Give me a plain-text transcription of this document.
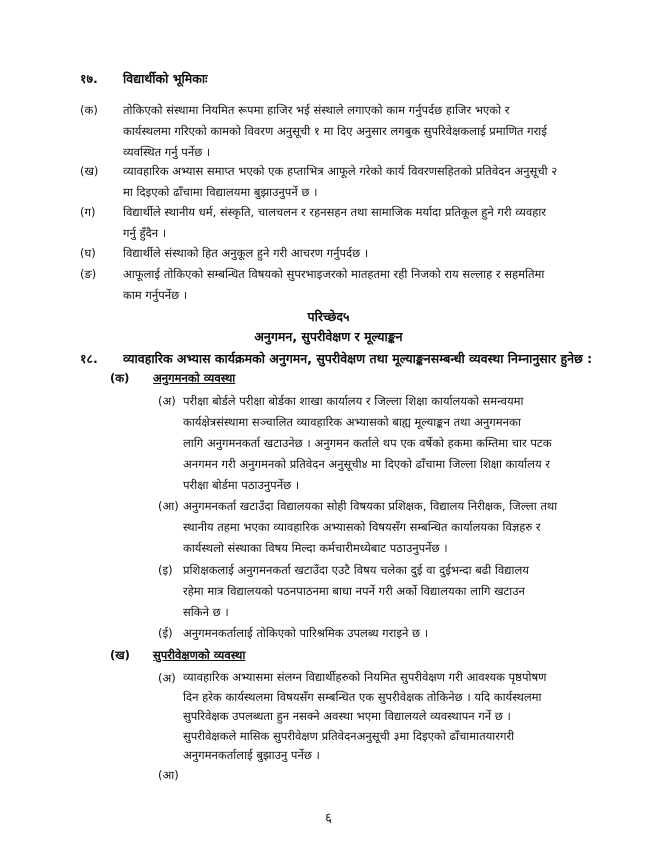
१७. विद्यार्थीको भूमिकाः
(क) तोकिएको संस्थामा नियमित रूपमा हाजिर भई संस्थाले लगाएको काम गर्नुपर्दछ हाजिर भएको र
कार्यस्थलमा गरिएको कामको विवरण अनुसूची १ मा दिए अनुसार लगबुक सुपरिवेक्षकलाई प्रमाणित गराई
व्यवस्थित गर्नु पर्नेछ ।
(ख) व्यावहारिक अभ्यास समाप्त भएको एक हप्ताभित्र आफूले गरेको कार्य विवरणसहितको प्रतिवेदन अनुसूची २
मा दिइएको ढाँचामा विद्यालयमा बुझाउनुपर्ने छ ।
(ग) विद्यार्थीले स्थानीय धर्म, संस्कृति, चालचलन र रहनसहन तथा सामाजिक मर्यादा प्रतिकूल हुने गरी व्यवहार
गर्नु हुँदैन ।
(घ) विद्यार्थीले संस्थाको हित अनुकूल हुने गरी आचरण गर्नुपर्दछ ।
(ङ) आफूलाई तोकिएको सम्बन्धित विषयको सुपरभाइजरको मातहतमा रही निजको राय सल्लाह र सहमतिमा
काम गर्नुपर्नेछ ।
परिच्छेद५
अनुगमन, सुपरीवेक्षण र मूल्याङ्कन
१८. व्यावहारिक अभ्यास कार्यक्रमको अनुगमन, सुपरीवेक्षण तथा मूल्याङ्कनसम्बन्धी व्यवस्था निम्नानुसार हुनेछ :
(क) अनुगमनको व्यवस्था
(अ) परीक्षा बोर्डले परीक्षा बोर्डका शाखा कार्यालय र जिल्ला शिक्षा कार्यालयको समन्वयमा
कार्यक्षेत्रसंस्थामा सञ्चालित व्यावहारिक अभ्यासको बाह्य मूल्याङ्कन तथा अनुगमनका
लागि अनुगमनकर्ता खटाउनेछ । अनुगमन कर्ताले थप एक वर्षेको हकमा कम्तिमा चार पटक
अनगमन गरी अनुगमनको प्रतिवेदन अनुसूची४ मा दिएको ढाँचामा जिल्ला शिक्षा कार्यालय र
परीक्षा बोर्डमा पठाउनुपर्नेछ ।
(आ) अनुगमनकर्ता खटाउँदा विद्यालयका सोही विषयका प्रशिक्षक, विद्यालय निरीक्षक, जिल्ला तथा
स्थानीय तहमा भएका व्यावहारिक अभ्यासको विषयसँग सम्बन्धित कार्यालयका विज्ञहरु र
कार्यस्थलो संस्थाका विषय मिल्दा कर्मचारीमध्येबाट पठाउनुपर्नेछ ।
(इ) प्रशिक्षकलाई अनुगमनकर्ता खटाउँदा एउटै विषय चलेका दुई वा दुईभन्दा बढी विद्यालय
रहेमा मात्र विद्यालयको पठनपाठनमा बाधा नपर्ने गरी अर्को विद्यालयका लागि खटाउन
सकिने छ ।
(ई) अनुगमनकर्तालाई तोकिएको पारिश्रमिक उपलब्ध गराइने छ ।
(ख) सुपरीवेक्षणको व्यवस्था
(अ) व्यावहारिक अभ्यासमा संलग्न विद्यार्थीहरुको नियमित सुपरीवेक्षण गरी आवश्यक पृष्ठपोषण
दिन हरेक कार्यस्थलमा विषयसँग सम्बन्धित एक सुपरीवेक्षक तोकिनेछ । यदि कार्यस्थलमा
सुपरिवेक्षक उपलब्धता हुन नसक्ने अवस्था भएमा विद्यालयले व्यवस्थापन गर्ने छ ।
सुपरीवेक्षकले मासिक सुपरीवेक्षण प्रतिवेदनअनुसूची ३मा दिइएको ढाँचामातयारगरी
अनुगमनकर्तालाई बुझाउनु पर्नेछ ।
६
(आ)
